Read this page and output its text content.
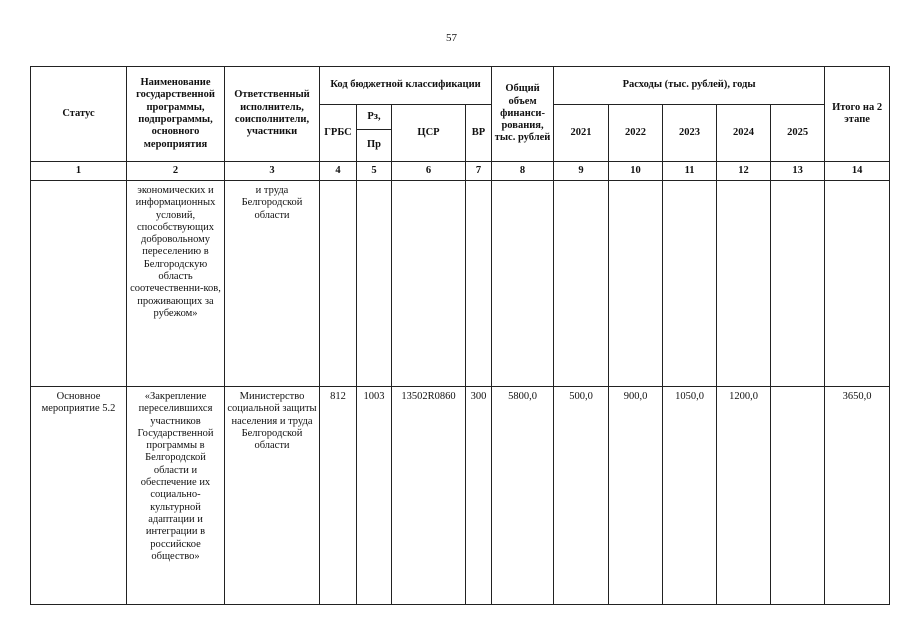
57
Статус	Наименование государственной программы, подпрограммы, основного мероприятия	Ответственный исполнитель, соисполнители, участники	Код бюджетной классификации				Общий объем финанси-рования, тыс. рублей	Расходы (тыс. рублей), годы					Итого на 2 этапе
			ГРБС	Рз,	ЦСР	ВР		2021	2022	2023	2024	2025	
				Пр									
1	2	3	4	5	6	7	8	9	10	11	12	13	14
	экономических и информационных условий, способствующих добровольному переселению в Белгородскую область соотечественни-ков, проживающих за рубежом»	и труда Белгородской области											
Основное мероприятие 5.2	«Закрепление переселившихся участников Государственной программы в Белгородской области и обеспечение их социально-культурной адаптации и интеграции в российское общество»	Министерство социальной защиты населения и труда Белгородской области	812	1003	13502R0860	300	5800,0	500,0	900,0	1050,0	1200,0		3650,0
